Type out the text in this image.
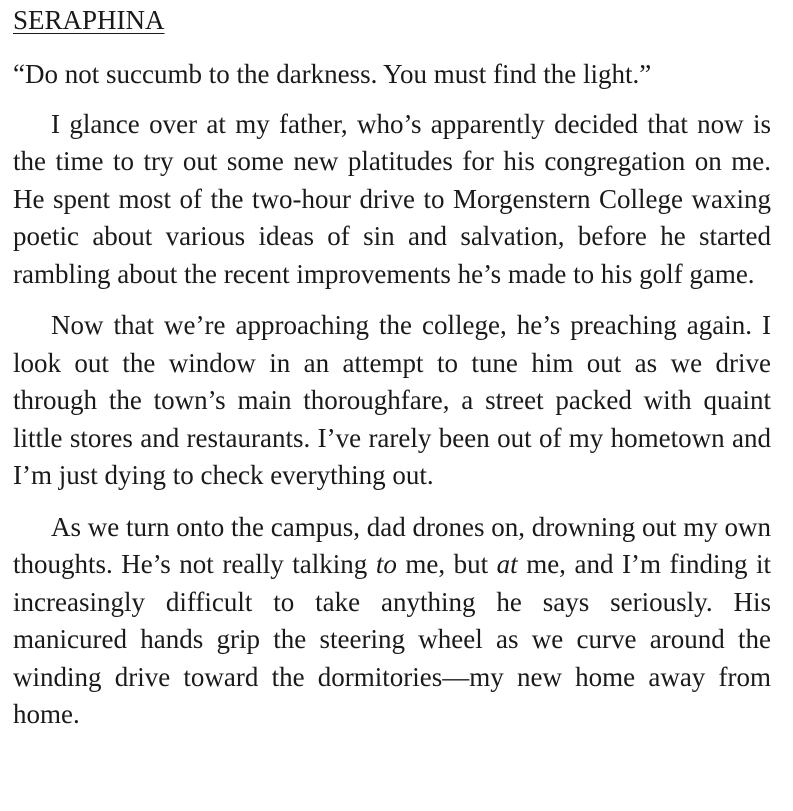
SERAPHINA

“Do not succumb to the darkness. You must find the light.”

I glance over at my father, who’s apparently decided that now is the time to try out some new platitudes for his congregation on me. He spent most of the two-hour drive to Morgenstern College waxing poetic about various ideas of sin and salvation, before he started rambling about the recent improvements he’s made to his golf game.

Now that we’re approaching the college, he’s preaching again. I look out the window in an attempt to tune him out as we drive through the town’s main thoroughfare, a street packed with quaint little stores and restaurants. I’ve rarely been out of my hometown and I’m just dying to check everything out.

As we turn onto the campus, dad drones on, drowning out my own thoughts. He’s not really talking to me, but at me, and I’m finding it increasingly difficult to take anything he says seriously. His manicured hands grip the steering wheel as we curve around the winding drive toward the dormitories—my new home away from home.
